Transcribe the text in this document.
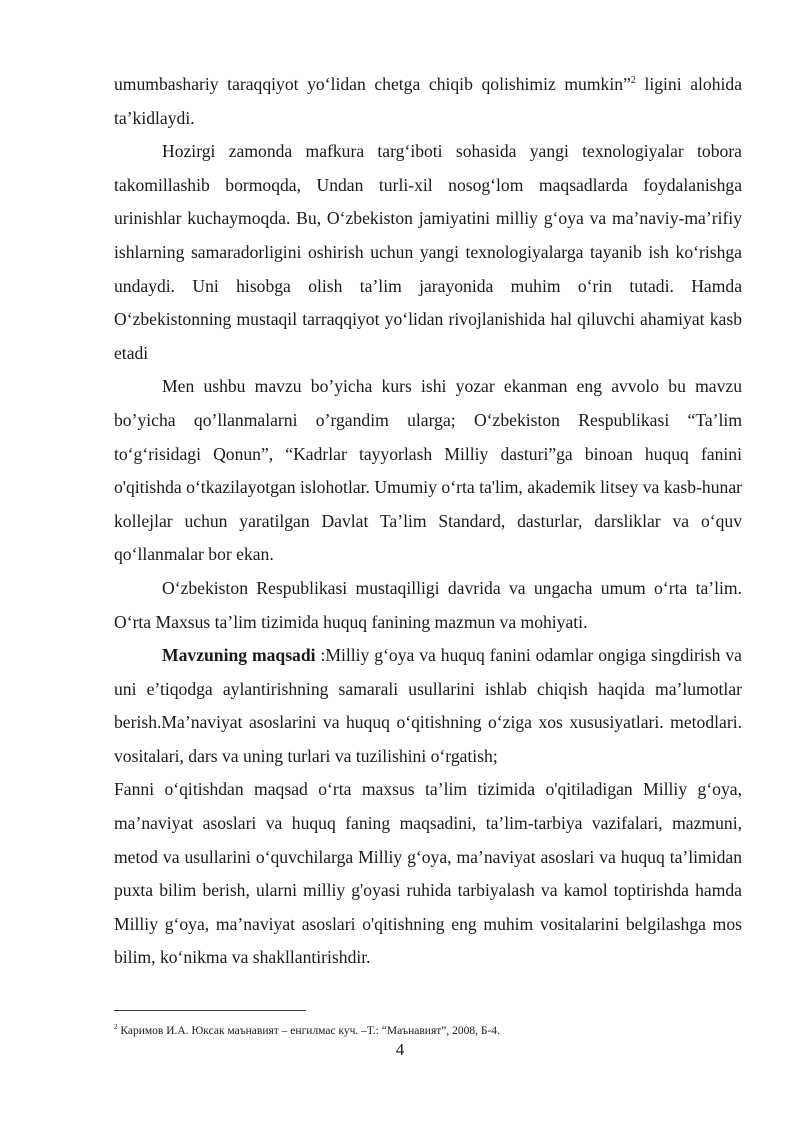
umumbashariy taraqqiyot yo‘lidan chetga chiqib qolishimiz mumkin”$^2$ ligini alohida ta’kidlaydi.

Hozirgi zamonda mafkura targ‘iboti sohasida yangi texnologiyalar tobora takomillashib bormoqda, Undan turli-xil nosog‘lom maqsadlarda foydalanishga urinishlar kuchaymoqda. Bu, O‘zbekiston jamiyatini milliy g‘oya va ma’naviy-ma’rifiy ishlarning samaradorligini oshirish uchun yangi texnologiyalarga tayanib ish ko‘rishga undaydi. Uni hisobga olish ta’lim jarayonida muhim o‘rin tutadi. Hamda O‘zbekistonning mustaqil tarraqqiyot yo‘lidan rivojlanishida hal qiluvchi ahamiyat kasb etadi

Men ushbu mavzu bo’yicha kurs ishi yozar ekanman eng avvolo bu mavzu bo’yicha qo’llanmalarni o’rgandim ularga; O‘zbekiston Respublikasi “Ta’lim to‘g‘risidagi Qonun”, “Kadrlar tayyorlash Milliy dasturi”ga binoan huquq fanini o'qitishda o‘tkazilayotgan islohotlar. Umumiy o‘rta ta'lim, akademik litsey va kasb-hunar kollejlar uchun yaratilgan Davlat Ta’lim Standard, dasturlar, darsliklar va o‘quv qo‘llanmalar bor ekan.

O‘zbekiston Respublikasi mustaqilligi davrida va ungacha umum o‘rta ta’lim. O‘rta Maxsus ta’lim tizimida huquq fanining mazmun va mohiyati.

Mavzuning maqsadi :Milliy g‘oya va huquq fanini odamlar ongiga singdirish va uni e’tiqodga aylantirishning samarali usullarini ishlab chiqish haqida ma’lumotlar berish.Ma’naviyat asoslarini va huquq o‘qitishning o‘ziga xos xususiyatlari. metodlari. vositalari, dars va uning turlari va tuzilishini o‘rgatish;

Fanni o‘qitishdan maqsad o‘rta maxsus ta’lim tizimida o'qitiladigan Milliy g‘oya, ma’naviyat asoslari va huquq faning maqsadini, ta’lim-tarbiya vazifalari, mazmuni, metod va usullarini o‘quvchilarga Milliy g‘oya, ma’naviyat asoslari va huquq ta’limidan puxta bilim berish, ularni milliy g'oyasi ruhida tarbiyalash va kamol toptirishda hamda Milliy g‘oya, ma’naviyat asoslari o'qitishning eng muhim vositalarini belgilashga mos bilim, ko‘nikma va shakllantirishdir.

$^2$ Каримов И.А. Юксак маънавият – енгилмас куч. –Т.: “Маънавият”, 2008, Б-4.
4
